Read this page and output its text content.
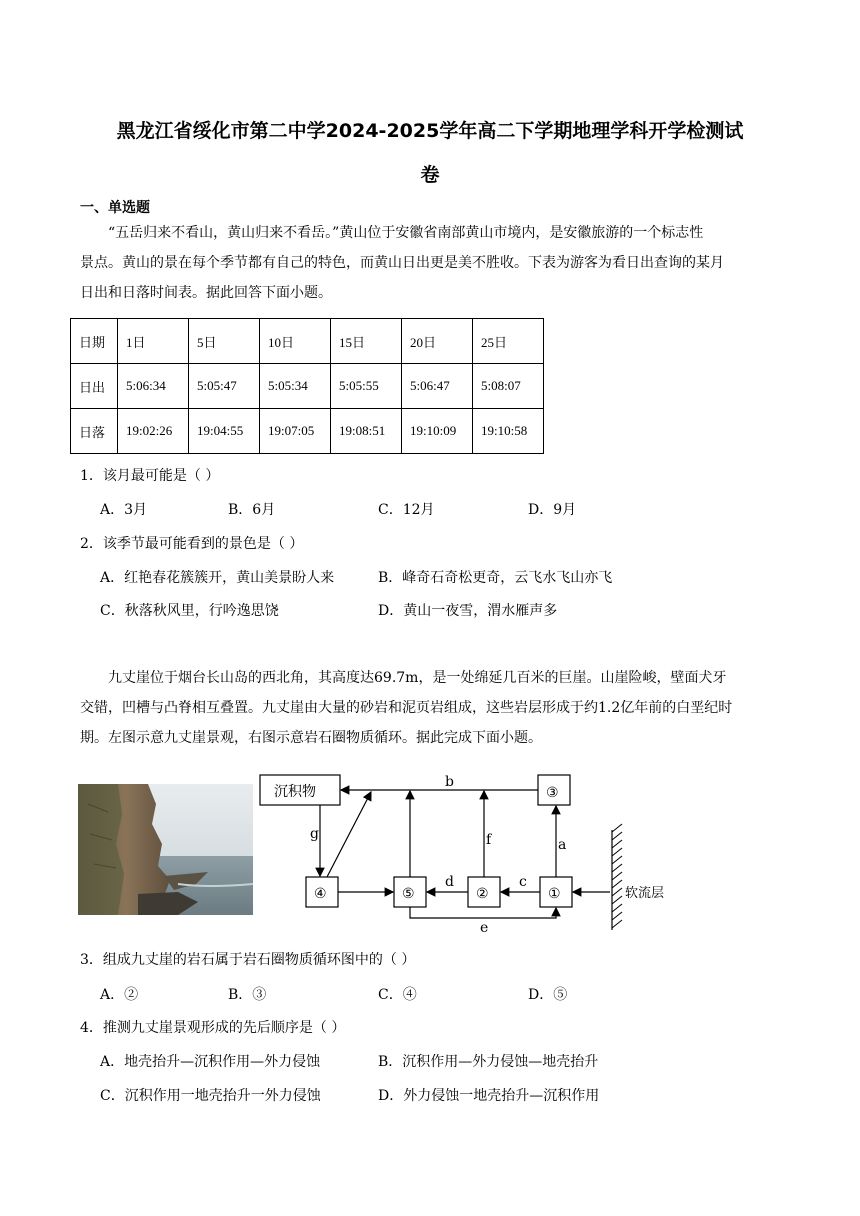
黑龙江省绥化市第二中学2024-2025学年高二下学期地理学科开学检测试
卷
一、单选题
“五岳归来不看山，黄山归来不看岳。”黄山位于安徽省南部黄山市境内，是安徽旅游的一个标志性
景点。黄山的景在每个季节都有自己的特色，而黄山日出更是美不胜收。下表为游客为看日出查询的某月
日出和日落时间表。据此回答下面小题。
日期	1日	5日	10日	15日	20日	25日
日出	5:06:34	5:05:47	5:05:34	5:05:55	5:06:47	5:08:07
日落	19:02:26	19:04:55	19:07:05	19:08:51	19:10:09	19:10:58
1．该月最可能是（ ）
A．3月	B．6月	C．12月	D．9月
2．该季节最可能看到的景色是（ ）
A．红艳春花簇簇开，黄山美景盼人来	B．峰奇石奇松更奇，云飞水飞山亦飞
C．秋落秋风里，行吟逸思饶	D．黄山一夜雪，渭水雁声多
九丈崖位于烟台长山岛的西北角，其高度达69.7m，是一处绵延几百米的巨崖。山崖险峻，壁面犬牙
交错，凹槽与凸脊相互叠置。九丈崖由大量的砂岩和泥页岩组成，这些岩层形成于约1.2亿年前的白垩纪时
期。左图示意九丈崖景观，右图示意岩石圈物质循环。据此完成下面小题。
沉积物	③
④	⑤	②	①
b
g	f	a
d	c
e
软流层
3．组成九丈崖的岩石属于岩石圈物质循环图中的（ ）
A．②	B．③	C．④	D．⑤
4．推测九丈崖景观形成的先后顺序是（ ）
A．地壳抬升—沉积作用—外力侵蚀	B．沉积作用—外力侵蚀—地壳抬升
C．沉积作用一地壳抬升一外力侵蚀	D．外力侵蚀一地壳抬升—沉积作用
